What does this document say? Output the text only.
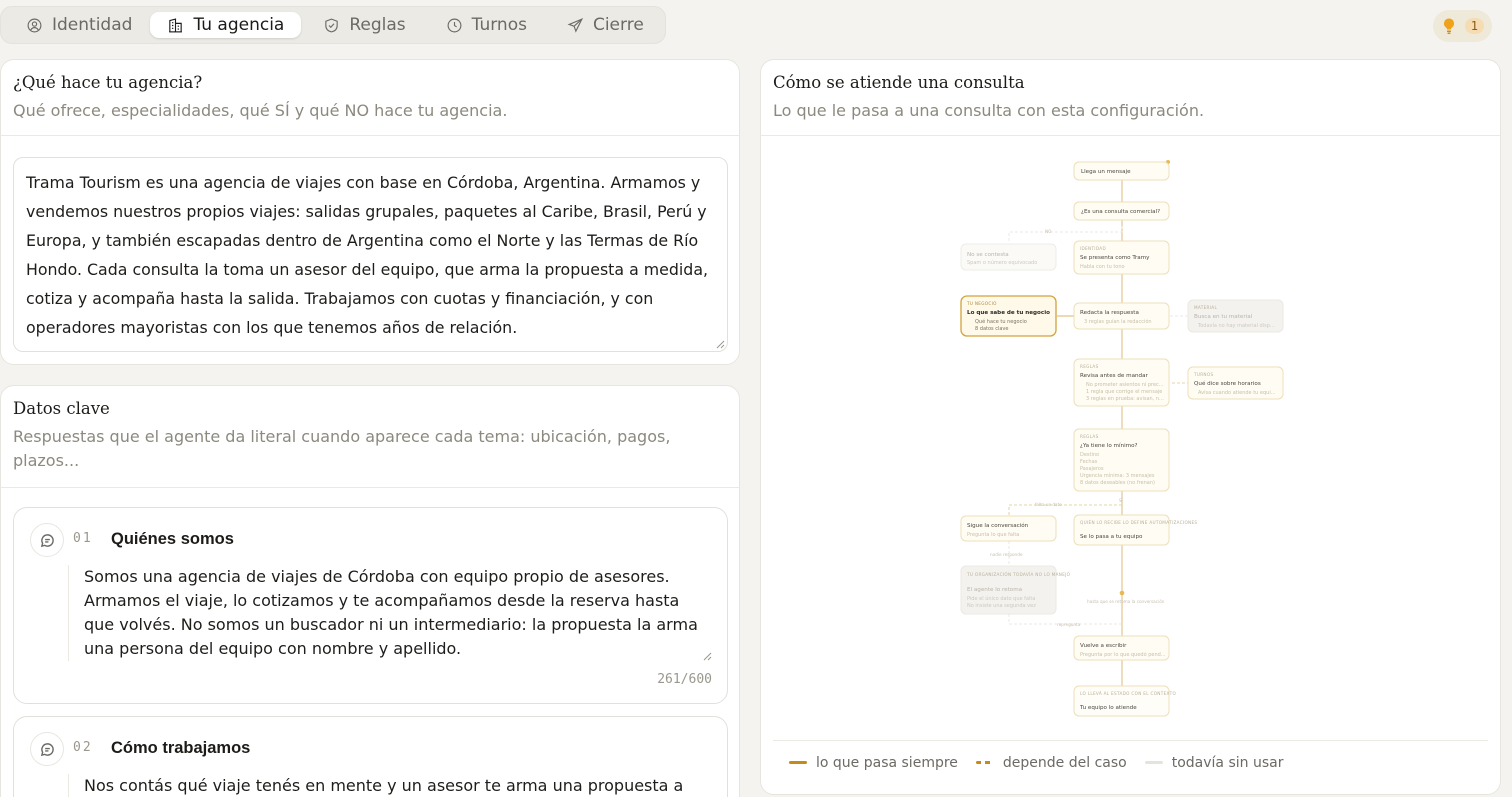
Identidad	Tu agencia	Reglas	Turnos	Cierre	1
¿Qué hace tu agencia?
Qué ofrece, especialidades, qué SÍ y qué NO hace tu agencia.
Trama Tourism es una agencia de viajes con base en Córdoba, Argentina. Armamos y vendemos nuestros propios viajes: salidas grupales, paquetes al Caribe, Brasil, Perú y Europa, y también escapadas dentro de Argentina como el Norte y las Termas de Río Hondo. Cada consulta la toma un asesor del equipo, que arma la propuesta a medida, cotiza y acompaña hasta la salida. Trabajamos con cuotas y financiación, y con operadores mayoristas con los que tenemos años de relación.
Datos clave
Respuestas que el agente da literal cuando aparece cada tema: ubicación, pagos, plazos...
01 Quiénes somos
Somos una agencia de viajes de Córdoba con equipo propio de asesores. Armamos el viaje, lo cotizamos y te acompañamos desde la reserva hasta que volvés. No somos un buscador ni un intermediario: la propuesta la arma una persona del equipo con nombre y apellido.
261/600
02 Cómo trabajamos
Nos contás qué viaje tenés en mente y un asesor te arma una propuesta a
Cómo se atiende una consulta
Lo que le pasa a una consulta con esta configuración.
NO
SÍ
falta un dato
nadie responde
hasta que se retoma la conversación
repregunta
Llega un mensaje
¿Es una consulta comercial?
No se contesta
Spam o número equivocado
IDENTIDAD
Se presenta como Tramy
Habla con tu tono
TU NEGOCIO
Lo que sabe de tu negocio
Qué hace tu negocio
8 datos clave
Redacta la respuesta
3 reglas guían la redacción
MATERIAL
Busca en tu material
Todavía no hay material disp...
REGLAS
Revisa antes de mandar
No prometer asientos ni prec...
1 regla que corrige el mensaje
3 reglas en prueba: avisan, n...
TURNOS
Qué dice sobre horarios
Avisa cuando atiende tu equi...
REGLAS
¿Ya tiene lo mínimo?
Destino
Fechas
Pasajeros
Urgencia mínima: 3 mensajes
8 datos deseables (no frenan)
Sigue la conversación
Pregunta lo que falta
QUIÉN LO RECIBE LO DEFINE AUTOMATIZACIONES
Se lo pasa a tu equipo
TU ORGANIZACIÓN TODAVÍA NO LO MANEJÓ
El agente lo retoma
Pide el único dato que falta
No insiste una segunda vez
Vuelve a escribir
Pregunta por lo que quedó pend...
LO LLEVÁ AL ESTADO CON EL CONTEXTO
Tu equipo lo atiende
lo que pasa siempre	depende del caso	todavía sin usar
